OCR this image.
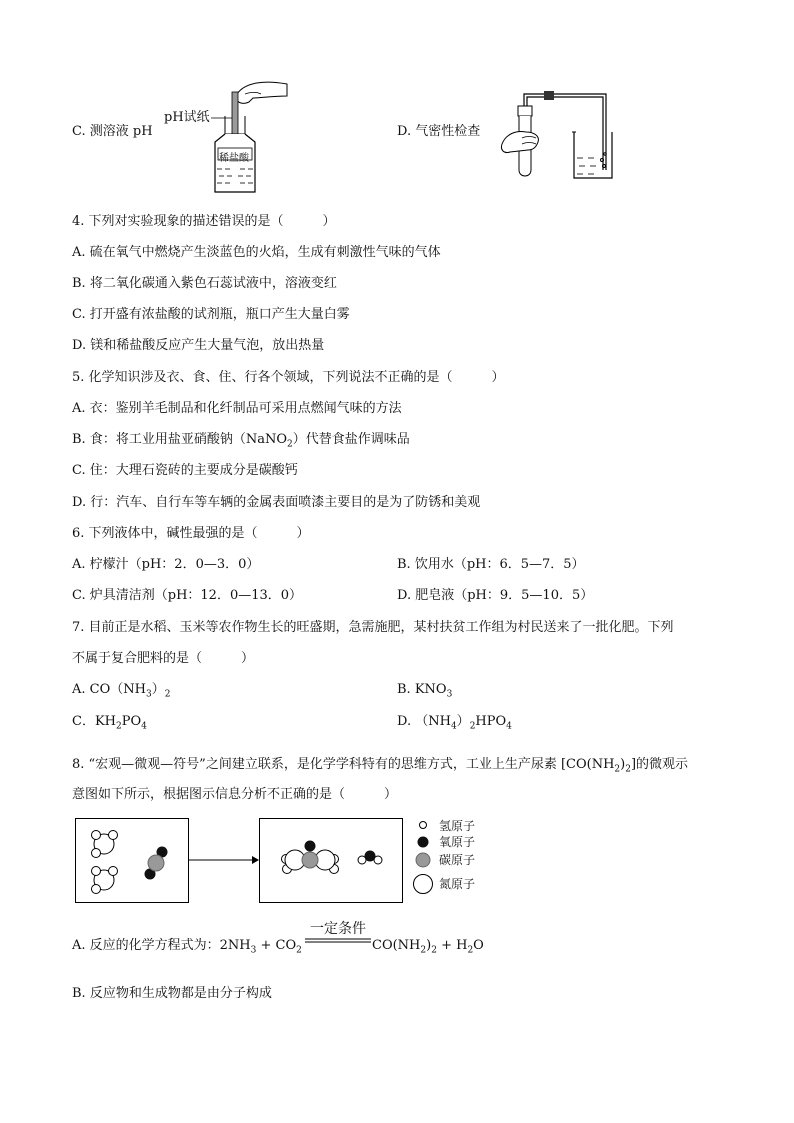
C. 测溶液 pH
pH试纸
稀盐酸
D. 气密性检查
4. 下列对实验现象的描述错误的是（　　　）
A. 硫在氧气中燃烧产生淡蓝色的火焰，生成有刺激性气味的气体
B. 将二氧化碳通入紫色石蕊试液中，溶液变红
C. 打开盛有浓盐酸的试剂瓶，瓶口产生大量白雾
D. 镁和稀盐酸反应产生大量气泡，放出热量
5. 化学知识涉及衣、食、住、行各个领域，下列说法不正确的是（　　　）
A. 衣：鉴别羊毛制品和化纤制品可采用点燃闻气味的方法
B. 食：将工业用盐亚硝酸钠（NaNO$_2$）代替食盐作调味品
C. 住：大理石瓷砖的主要成分是碳酸钙
D. 行：汽车、自行车等车辆的金属表面喷漆主要目的是为了防锈和美观
6. 下列液体中，碱性最强的是（　　　）
A. 柠檬汁（pH：2．0—3．0）	B. 饮用水（pH：6．5—7．5）
C. 炉具清洁剂（pH：12．0—13．0）	D. 肥皂液（pH：9．5—10．5）
7. 目前正是水稻、玉米等农作物生长的旺盛期，急需施肥，某村扶贫工作组为村民送来了一批化肥。下列
不属于复合肥料的是（　　　）
A. $CO(NH_3)_2$	B. $KNO_3$
C．$KH_2PO_4$	D. $(NH_4)_2HPO_4$
8. “宏观—微观—符号”之间建立联系，是化学学科特有的思维方式，工业上生产尿素 $[CO(NH_2)_2]$的微观示
意图如下所示，根据图示信息分析不正确的是（　　　）
氢原子
氧原子
碳原子
氮原子
A. 反应的化学方程式为：$2NH_3 + CO_2$
一定条件
$CO(NH_2)_2 + H_2O$
B. 反应物和生成物都是由分子构成
